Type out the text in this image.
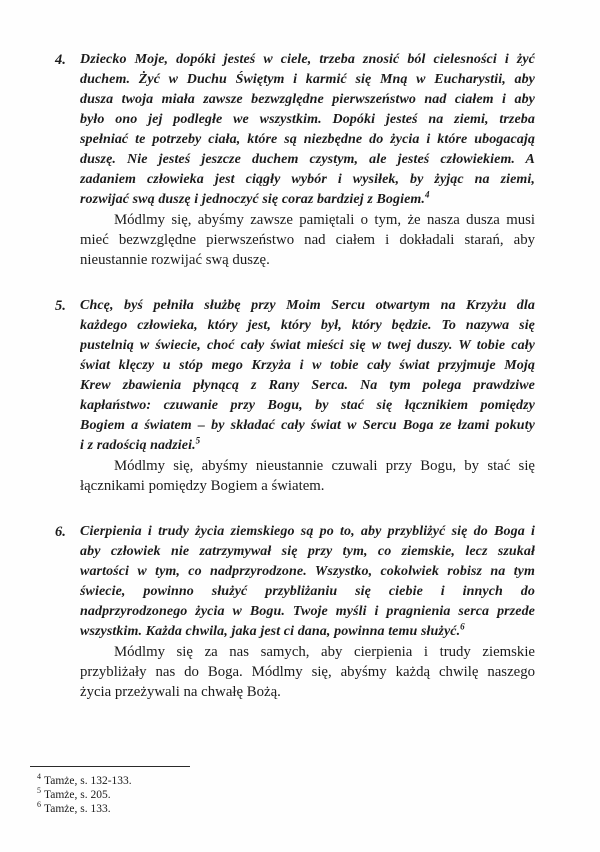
4.	Dziecko Moje, dopóki jesteś w ciele, trzeba znosić ból cielesności i żyć
duchem. Żyć w Duchu Świętym i karmić się Mną w Eucharystii, aby
dusza twoja miała zawsze bezwzględne pierwszeństwo nad ciałem i aby
było ono jej podległe we wszystkim. Dopóki jesteś na ziemi, trzeba
spełniać te potrzeby ciała, które są niezbędne do życia i które ubogacają
duszę. Nie jesteś jeszcze duchem czystym, ale jesteś człowiekiem. A
zadaniem człowieka jest ciągły wybór i wysiłek, by żyjąc na ziemi,
rozwijać swą duszę i jednoczyć się coraz bardziej z Bogiem.$^4$
Módlmy się, abyśmy zawsze pamiętali o tym, że nasza dusza musi
mieć bezwzględne pierwszeństwo nad ciałem i dokładali starań, aby
nieustannie rozwijać swą duszę.
5.	Chcę, byś pełniła służbę przy Moim Sercu otwartym na Krzyżu dla
każdego człowieka, który jest, który był, który będzie. To nazywa się
pustelnią w świecie, choć cały świat mieści się w twej duszy. W tobie cały
świat klęczy u stóp mego Krzyża i w tobie cały świat przyjmuje Moją
Krew zbawienia płynącą z Rany Serca. Na tym polega prawdziwe
kapłaństwo: czuwanie przy Bogu, by stać się łącznikiem pomiędzy
Bogiem a światem – by składać cały świat w Sercu Boga ze łzami pokuty
i z radością nadziei.$^5$
Módlmy się, abyśmy nieustannie czuwali przy Bogu, by stać się
łącznikami pomiędzy Bogiem a światem.
6.	Cierpienia i trudy życia ziemskiego są po to, aby przybliżyć się do Boga i
aby człowiek nie zatrzymywał się przy tym, co ziemskie, lecz szukał
wartości w tym, co nadprzyrodzone. Wszystko, cokolwiek robisz na tym
świecie, powinno służyć przybliżaniu się ciebie i innych do
nadprzyrodzonego życia w Bogu. Twoje myśli i pragnienia serca przede
wszystkim. Każda chwila, jaka jest ci dana, powinna temu służyć.$^6$
Módlmy się za nas samych, aby cierpienia i trudy ziemskie
przybliżały nas do Boga. Módlmy się, abyśmy każdą chwilę naszego
życia przeżywali na chwałę Bożą.
$^4$ Tamże, s. 132-133.
$^5$ Tamże, s. 205.
$^6$ Tamże, s. 133.
